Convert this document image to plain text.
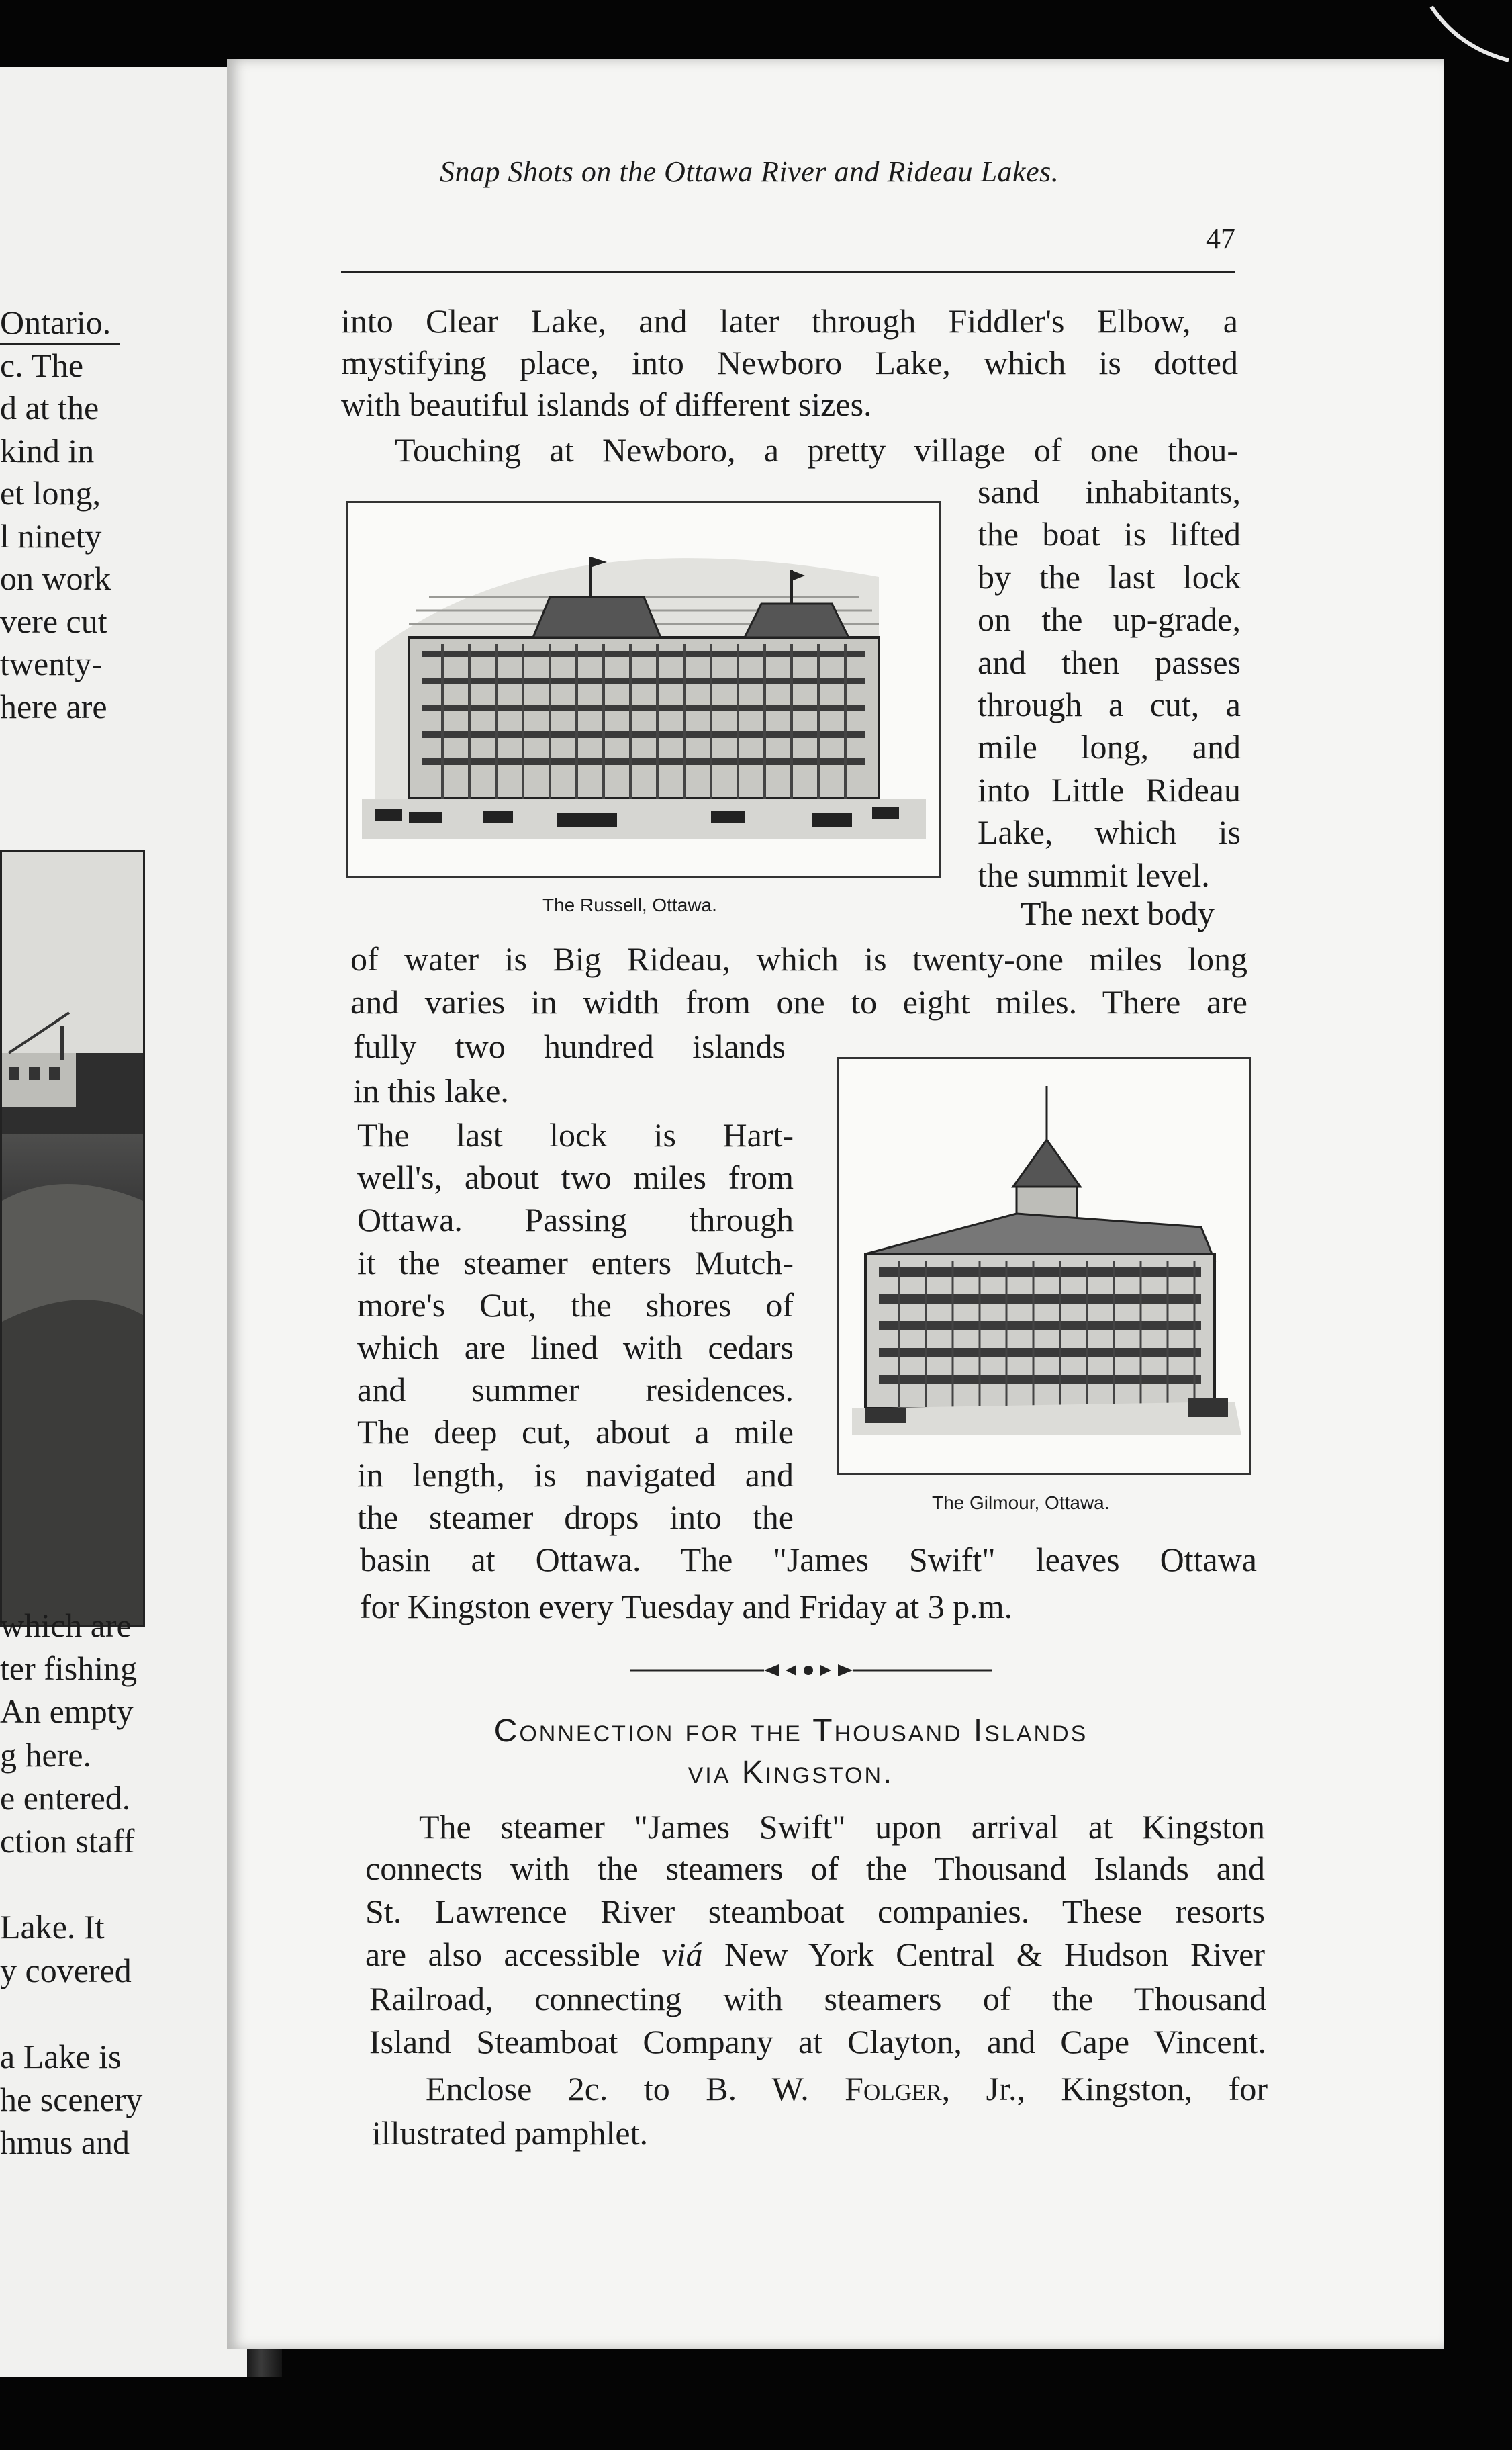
Ontario.
c. The
d at the
kind in
et long,
l ninety
on work
vere cut
twenty-
here are
which are
ter fishing
An empty
g here.
e entered.
ction staff
Lake. It
y covered
a Lake is
he scenery
hmus and
Snap Shots on the Ottawa River and Rideau Lakes.
47
into Clear Lake, and later through Fiddler's Elbow, a
mystifying place, into Newboro Lake, which is dotted
with beautiful islands of different sizes.
Touching at Newboro, a pretty village of one thou-
The Russell, Ottawa.
sand inhabitants,
the boat is lifted
by the last lock
on the up-grade,
and then passes
through a cut, a
mile long, and
into Little Rideau
Lake, which is
the summit level.
The next body
of water is Big Rideau, which is twenty-one miles long
and varies in width from one to eight miles. There are
fully two hundred islands
in this lake.
The Gilmour, Ottawa.
The last lock is Hart-
well's, about two miles from
Ottawa. Passing through
it the steamer enters Mutch-
more's Cut, the shores of
which are lined with cedars
and summer residences.
The deep cut, about a mile
in length, is navigated and
the steamer drops into the
basin at Ottawa. The "James Swift" leaves Ottawa
for Kingston every Tuesday and Friday at 3 p.m.
Connection for the Thousand Islands
via Kingston.
The steamer "James Swift" upon arrival at Kingston
connects with the steamers of the Thousand Islands and
St. Lawrence River steamboat companies. These resorts
are also accessible viá New York Central & Hudson River
Railroad, connecting with steamers of the Thousand
Island Steamboat Company at Clayton, and Cape Vincent.
Enclose 2c. to B. W. Folger, Jr., Kingston, for
illustrated pamphlet.
